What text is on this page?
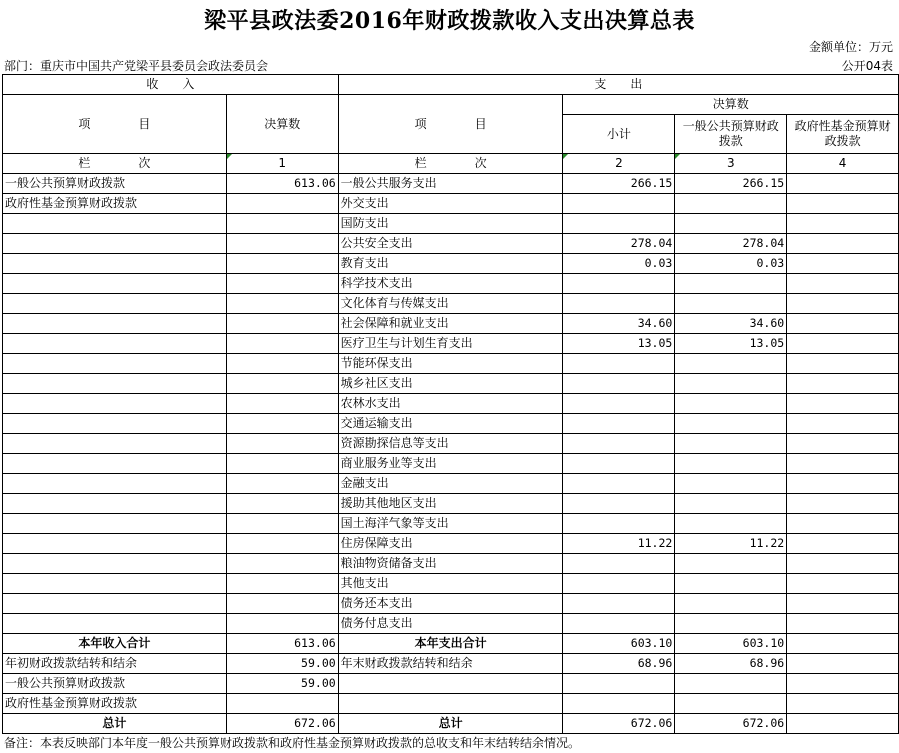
梁平县政法委2016年财政拨款收入支出决算总表
金额单位：万元
部门：重庆市中国共产党梁平县委员会政法委员会	公开04表
收　　入		支　　出			
项　　　　目	决算数	项　　　　目	决算数		
			小计	一般公共预算财政拨款	政府性基金预算财政拨款
栏　　　　次	1	栏　　　　次	2	3	4
一般公共预算财政拨款	613.06	一般公共服务支出	266.15	266.15	
政府性基金预算财政拨款		外交支出			
		国防支出			
		公共安全支出	278.04	278.04	
		教育支出	0.03	0.03	
		科学技术支出			
		文化体育与传媒支出			
		社会保障和就业支出	34.60	34.60	
		医疗卫生与计划生育支出	13.05	13.05	
		节能环保支出			
		城乡社区支出			
		农林水支出			
		交通运输支出			
		资源勘探信息等支出			
		商业服务业等支出			
		金融支出			
		援助其他地区支出			
		国土海洋气象等支出			
		住房保障支出	11.22	11.22	
		粮油物资储备支出			
		其他支出			
		债务还本支出			
		债务付息支出			
本年收入合计	613.06	本年支出合计	603.10	603.10	
年初财政拨款结转和结余	59.00	年末财政拨款结转和结余	68.96	68.96	
一般公共预算财政拨款	59.00				
政府性基金预算财政拨款					
总计	672.06	总计	672.06	672.06	
备注：本表反映部门本年度一般公共预算财政拨款和政府性基金预算财政拨款的总收支和年末结转结余情况。
